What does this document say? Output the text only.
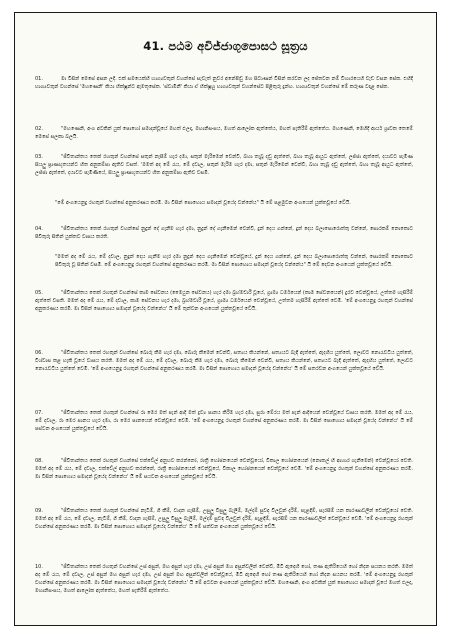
41. පඨම අවිජ්ජාගුපොසථ සූත්‍රය

01.	මා විසින් මෙසේ අසන ලදී. එක් සමයෙක්හි භාග්‍යවතුන් වහන්සේ සැවැත් නුවර අනේපිඬු මහ සිටාණන් විසින් කරවන ලද ජේතවන නම් විහාරයෙහි වැඩ වසන සේක. එහිදී භාග්‍යවතුන් වහන්සේ 'මහණෙනි' කියා භික්ෂූන්ට ඇමතූසේක. 'ස්වාමීනී' කියා ඒ භික්ෂූහු භාග්‍යවතුන් වහන්සේට පිළිතුරු දුන්හ. භාග්‍යවතුන් වහන්සේ මේ කරුණ වදාළ සේක.

02.	"මහණෙනි, අංග අටකින් යුක් පොහෝ සමාදන්වූයේ මහත් ඵලදා, මහානිසංසය, මහත් ආලෝක ඇත්තේය, මහත් පැතිරීම් ඇත්තේය. මහණෙනි, මෙහිදී ආර්ය ශ්‍රාවක තෙමේ මෙසේ සලකා බලයි.

03.	"ජීවිතාන්තය තෙක් රහතුන් වහන්සේ සතුන් නැසීම් හැර දමා, සතුන් මැරීමෙන් වෙන්වී, බහා තැබූ දඬු ඇත්තේ, බහා තැබූ ආයුධ ඇත්තේ, ලජ්ජා ඇත්තේ, දයාවට පැමිණ සියලු ප්‍රාණභූතයන්ට හිත අනුකම්පා ඇතිව වසත්. 'මමත් අද මේ රැය, මේ දවාල, සතුන් මැරීම හැර දමා, සතුන් මැරීමෙන් වෙන්වී, බහා තැබූ දඬු ඇත්තේ, බහා තැබූ ආයුධ ඇත්තේ, ලජ්ජා ඇත්තේ, දයාවට පැමිණියේ, සියලු ප්‍රාණභූතයන්ට හිත අනුකම්පා ඇතිව වසමි.

"මේ අංගයෙනුදු රහතුන් වහන්සේ අනුකරණය කරමි. මා විසින් පොහොය සමාදන් වූයේද වන්නේය" යි මේ පළමුවන අංගයෙන් යුක්තවූයේ වේයි.

04.	"ජීවිතාන්තය තෙක් රහතුන් වහන්සේ නුදුන් දේ ගැනීම හැර දමා, නුදුන් දේ ගැනීමෙන් වෙන්වී, දුන් දෙය ගන්නේ, දුන් දෙය බලාපොරොත්තු වන්නේ, සොරකම් නොකොට පිවිතුරු සිතින් යුක්තව වාසය කරති.

"මමත් අද මේ රැය, මේ දවාල, නුදුන් දෙය ගැනීම හැර දමා නුදුන් දෙය ගැනීමෙන් වෙන්වූයේ, දුන් දෙය ගන්නේ, දුන් දෙය බලාපොරොත්තු වන්නේ, සොරකම් නොකොට පිවිතුරු වූ සිතින් වසමි. මේ අංගයෙනුදු රහතුන් වහන්සේ අනුකරණය කරමි. මා විසින් පොහොය සමාදන් වූයේද වන්නේය" යි මේ දෙවන අංගයෙන් යුක්තවූයේ වේයි.

05.	"ජීවිතාන්තය තෙක් රහතුන් වහන්සේ කාම සේවනය (මෛථුන සේවනය) හැර දමා බ්‍රහ්මචාරී වූයේ, ග්‍රාම්‍ය ධර්මයෙන් (කාම සේවනයෙන්) දුරව වෙන්වූයේ, උත්තම හැසිරීම් ඇත්තේ වසති. මමත් අද මේ රැය, මේ දවාල, කාම සේවනය හැර දමා, බ්‍රහ්මචාරී වූයේ, ග්‍රාම්‍ය ධර්මයෙන් වෙන්වූයේ, උත්තම හැසිරීම් ඇත්තේ වෙමි. 'මේ අංගයෙනුදු රහතුන් වහන්සේ අනුකරණය කරමි. මා විසින් පොහොය සමාදන් වූයේද වන්නේය' යි මේ තුන්වන අංගයෙන් යුක්තවූයේ වේයි.

06.	"ජීවිතාන්තය තෙක් රහතුන් වහන්සේ බොරු කීම හැර දමා, බොරු කීමෙන් වෙන්වී, සත්‍යය කියන්නේ, සත්‍යයට බැඳී ඇත්තේ, ඇදහිය යුත්තේ, ලොවට නොරැවටිය යුත්තේ, විශ්වාස කළ හැකි වූයේ වාසය කරති. මමත් අද මේ රැය, මේ දවාල, බොරු කීම හැර දමා, බොරු කීමෙන් වෙන්වී, සත්‍යය කියන්නේ, සත්‍යයට බැඳී ඇත්තේ, ඇදහිය යුත්තේ, ලොවට නොරැවටිය යුත්තේ වෙමි. 'මේ අංගයෙනුදු රහතුන් වහන්සේ අනුකරණය කරමි. මා විසින් පොහොය සමාදන් වූයේද වන්නේය' යි මේ සතරවන අංගයෙන් යුක්තවූයේ වේයි.

07.	"ජීවිතාන්තය තෙක් රහතුන් වහන්සේ රා මෙර මත් පැන් ආදී මත් ද්‍රව්‍ය පානය කිරීම හැර දමා, සුරා මේරය මත් පැන් ආදියෙන් වෙන්වූයේ වාසය කරති. මමත් අද මේ රැය, මේ දවාල, රා මෙර පානය හැර දමා, රා මෙර පානයෙන් වෙන්වූයේ වෙමි. 'මේ අංගයෙනුදු රහතුන් වහන්සේ අනුකරණය කරමි. මා විසින් පොහොය සමාදන් වූයේද වන්නේය' යි මේ පස්වන අංගයෙන් යුක්තවූයේ වේයි.

08.	"ජීවිතාන්තය තෙක් රහතුන් වහන්සේ එක්වේල් අනුභව කරන්නෝ, රාත්‍රී භෝජනයෙන් වෙන්වූයෝ, විකාල භෝජනයෙන් (නොකල් හි ආහාර ගැනීමෙන්) වෙන්වූයෝ වෙති. මමත් අද මේ රැය, මේ දවාල, එක්වේල් අනුභව කරන්නේ, රාත්‍රී භෝජනයෙන් වෙන්වූයේ, විකාල භෝජනයෙන් වෙන්වූයේ වෙමි. 'මේ අංගයෙනුදු රහතුන් වහන්සේ අනුකරණය කරමි. මා විසින් පොහොය සමාදන් වූයේද වන්නේය' යි මේ සයවන අංගයෙන් යුක්තවූයේ වේයි.

09.	"ජීවිතාන්තය තෙක් රහතුන් වහන්සේ නැටීම්, ගී කීම්, වාදන ගැසීම්, උසුලු විසුලු බැලීම්, මල්දම් සුවඳ විලවුන් දැරීම්, පැළඳීම්, සැරසීම් යන කාරණාවලින් වෙන්වූයෝ වෙති. මමත් අද මේ රැය, මේ දවාල, නැටීම්, ගී කීම්, වාදන ගැසීම්, උසුලු විසුලු බැලීම්, මල්දම් සුවඳ විලවුන් දැරීම්, පැළඳීම්, සැරසීම් යන කාරණාවලින් වෙන්වූයේ වෙමි. 'මේ අංගයෙනුදු රහතුන් වහන්සේ අනුකරණය කරමි. මා විසින් පොහොය සමාදන් වූයේද වන්නේය' යි මේ සත්වන අංගයෙන් යුක්තවූයේ වේයි.

10.	"ජීවිතාන්තය තෙක් රහතුන් වහන්සේ උස් අසුන්, මහ අසුන් හැර දමා, උස් අසුන් මහ අසුන්වලින් වෙන්වී, මිටි ඇඳෙහි හෝ, තණ ඇතිරියෙහි හෝ නිදන සයනය කරති. මමත් අද මේ රැය, මේ දවාල, උස් අසුන් මහ අසුන් හැර දමා, උස් අසුන් මහ අසුන්වලින් වෙන්වූයේ, මිටි ඇඳෙහි හෝ තණ ඇතිරියෙහි හෝ නිදන සයනය කරමි. 'මේ අංගයෙනුදු රහතුන් වහන්සේ අනුකරණය කරමි. මා විසින් පොහොය සමාදන් වූයේද වන්නේය' යි මේ අටවන අංගයෙන් යුක්තවූයේ වේයි. මහණෙනි, අංග අටකින් යුක් පොහොය සමාදන් වූයේ මහත් ඵලදා, මහානිසංසය, මහත් ආලෝක ඇත්තේය, මහත් පැතිරීම් ඇත්තේය.
